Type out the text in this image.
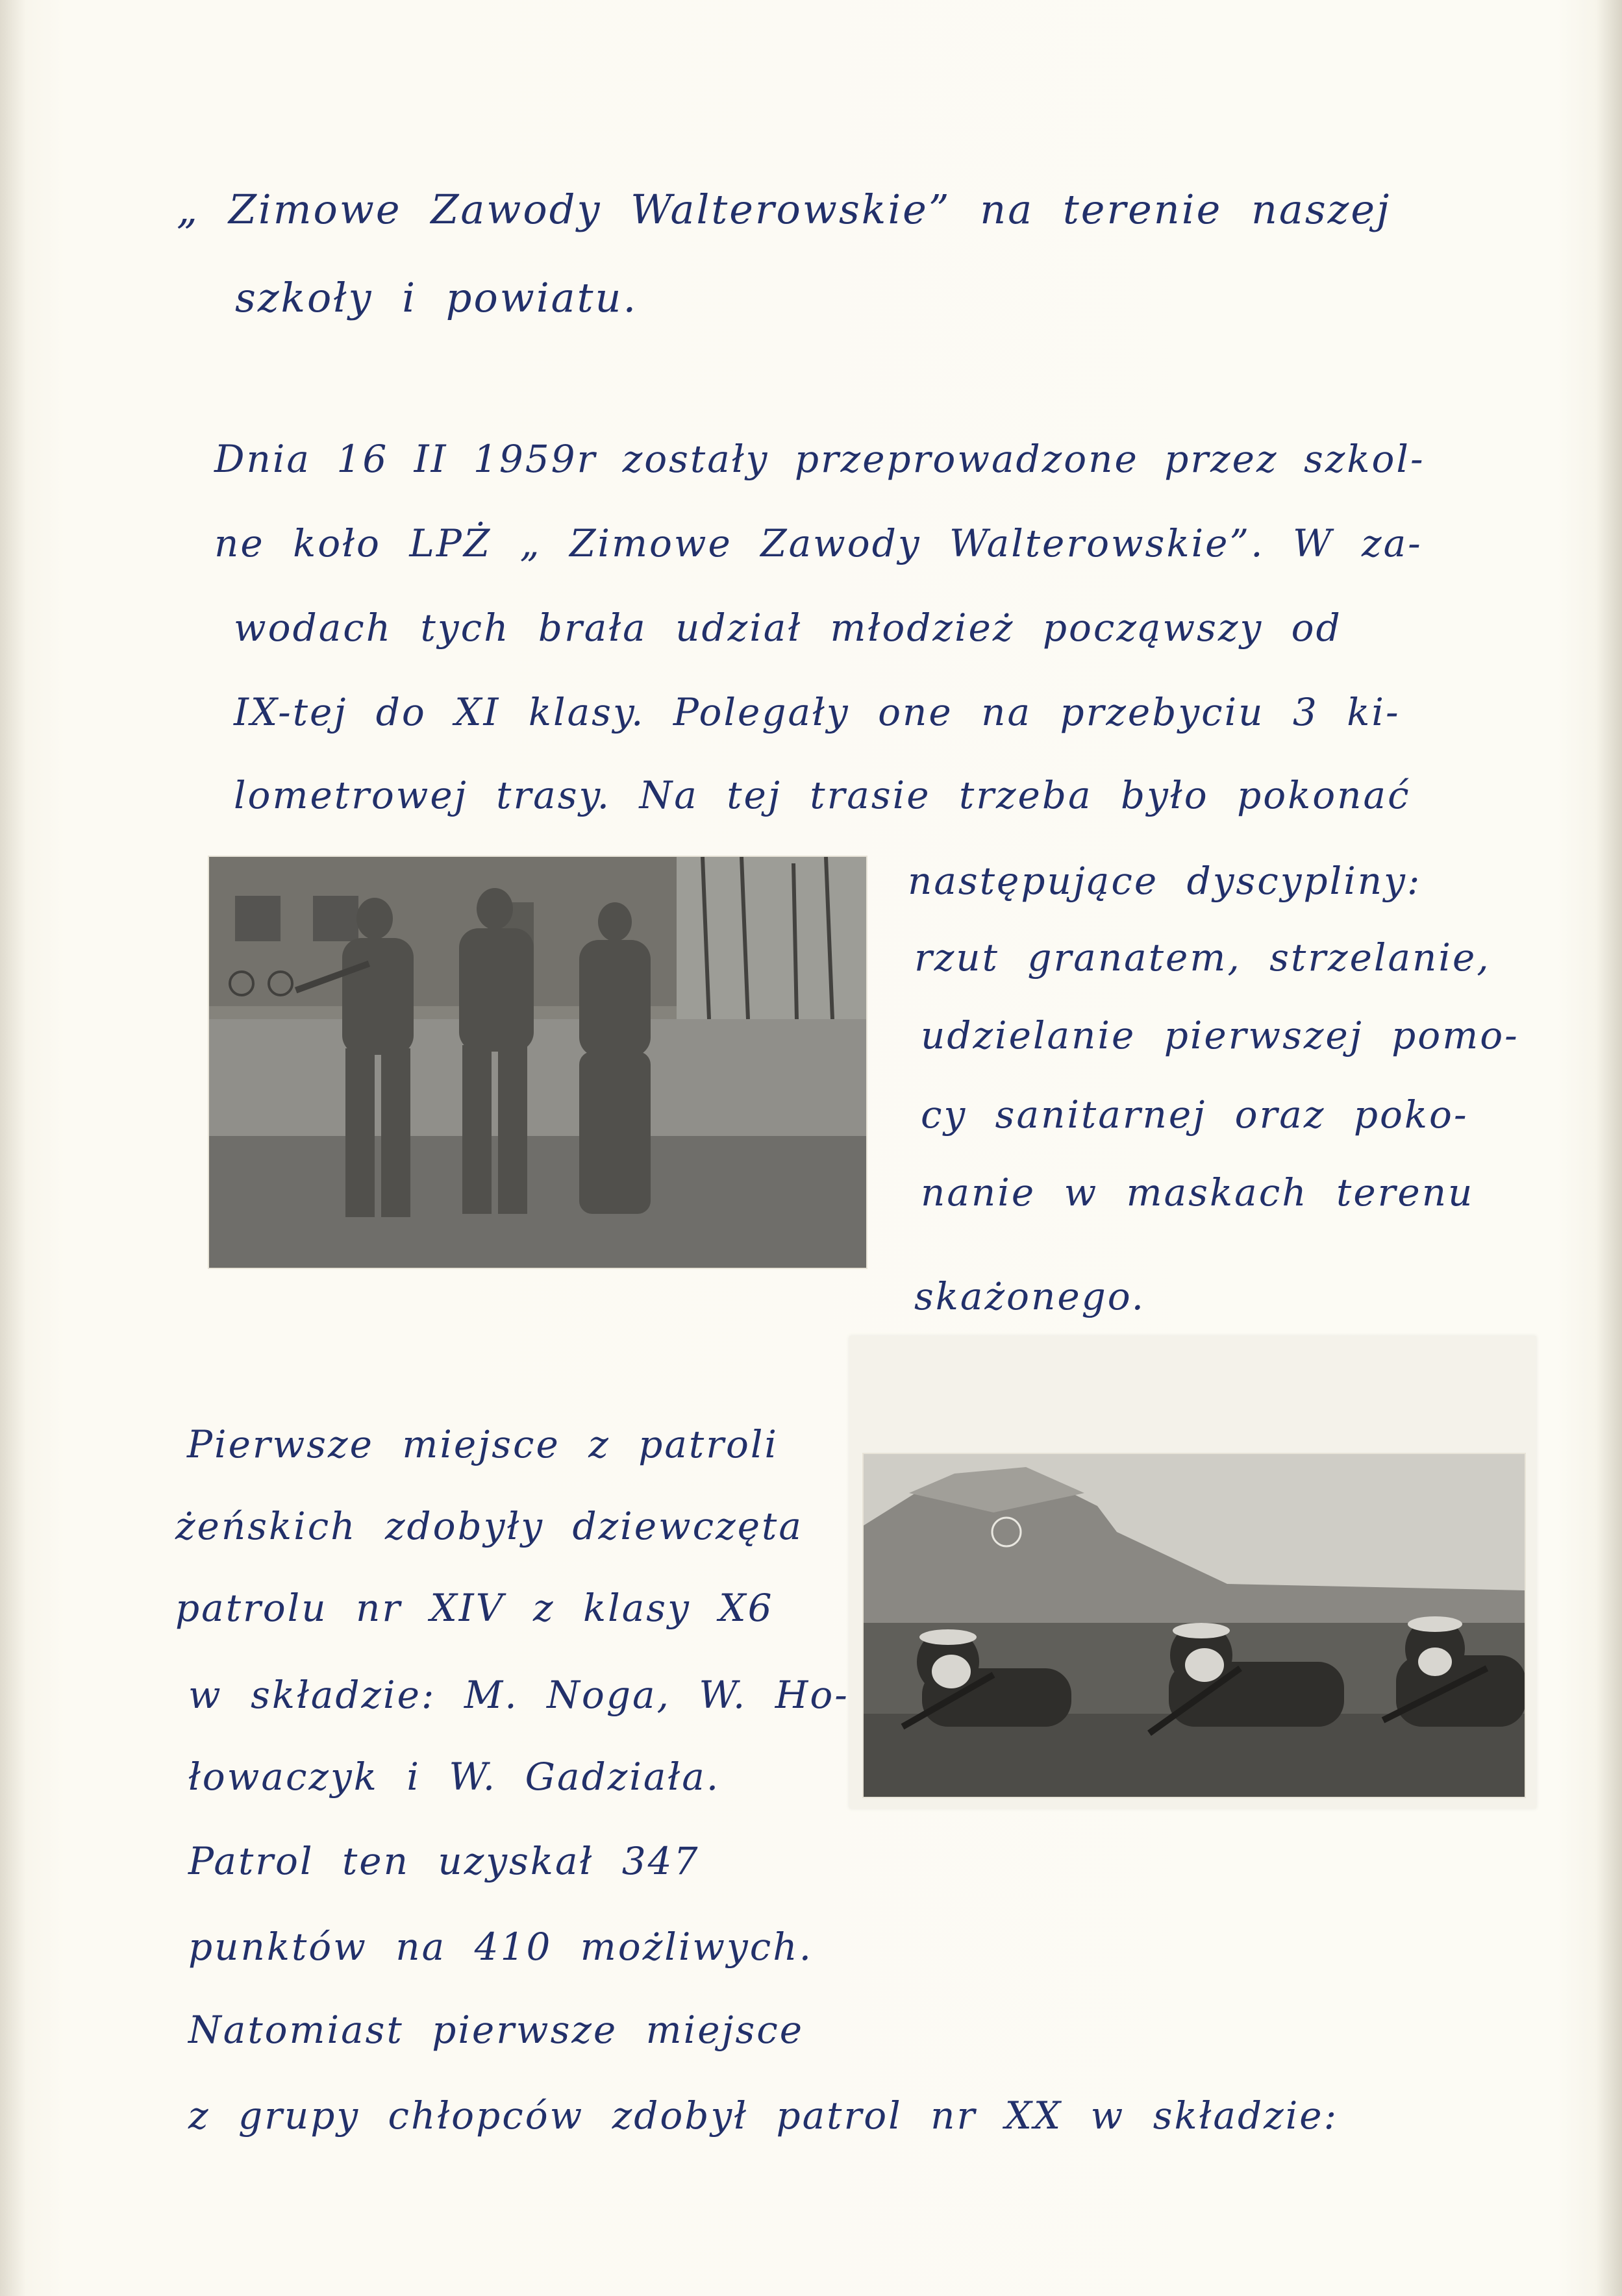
„ Zimowe Zawody Walterowskie” na terenie naszej
szkoły i powiatu.
Dnia 16 II 1959r zostały przeprowadzone przez szkol-
ne koło LPŻ „ Zimowe Zawody Walterowskie”. W za-
wodach tych brała udział młodzież począwszy od
IX-tej do XI klasy. Polegały one na przebyciu 3 ki-
lometrowej trasy. Na tej trasie trzeba było pokonać
następujące dyscypliny:
rzut granatem, strzelanie,
udzielanie pierwszej pomo-
cy sanitarnej oraz poko-
nanie w maskach terenu
skażonego.
Pierwsze miejsce z patroli
żeńskich zdobyły dziewczęta
patrolu nr XIV z klasy X6
w składzie: M. Noga, W. Ho-
łowaczyk i W. Gadziała.
Patrol ten uzyskał 347
punktów na 410 możliwych.
Natomiast pierwsze miejsce
z grupy chłopców zdobył patrol nr XX w składzie:
